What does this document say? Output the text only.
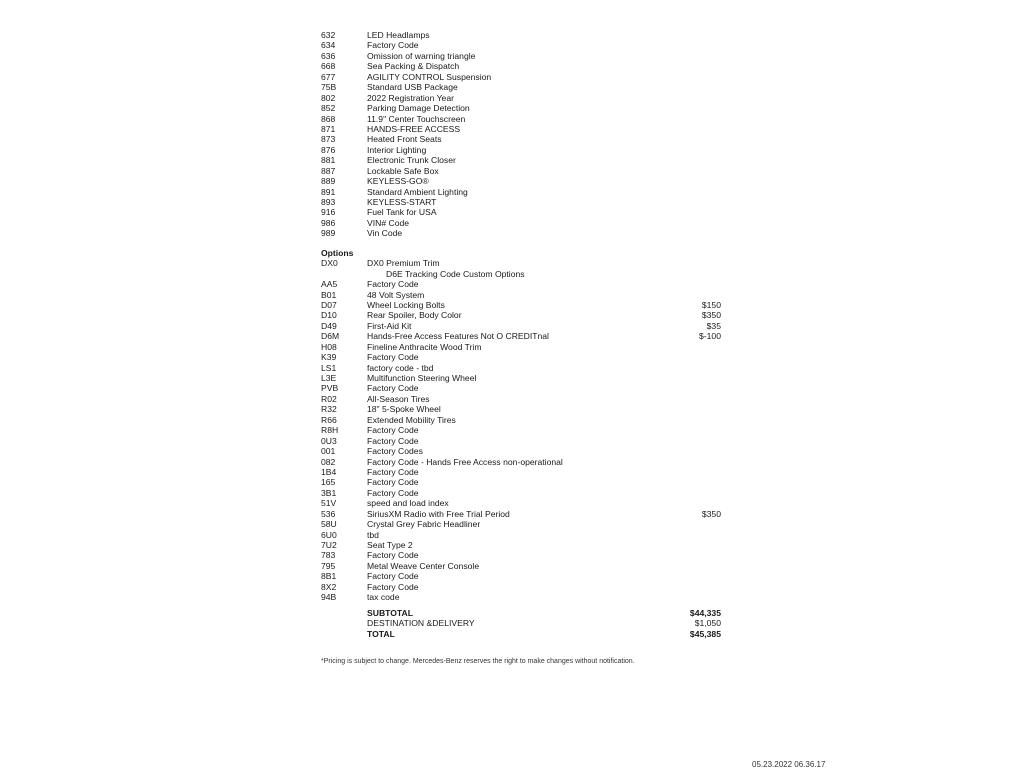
632	LED Headlamps
634	Factory Code
636	Omission of warning triangle
668	Sea Packing & Dispatch
677	AGILITY CONTROL Suspension
75B	Standard USB Package
802	2022 Registration Year
852	Parking Damage Detection
868	11.9" Center Touchscreen
871	HANDS-FREE ACCESS
873	Heated Front Seats
876	Interior Lighting
881	Electronic Trunk Closer
887	Lockable Safe Box
889	KEYLESS-GO®
891	Standard Ambient Lighting
893	KEYLESS-START
916	Fuel Tank for USA
986	VIN# Code
989	Vin Code
Options
DX0	DX0 Premium Trim
D6E Tracking Code Custom Options
AA5	Factory Code
B01	48 Volt System
D07	Wheel Locking Bolts	$150
D10	Rear Spoiler, Body Color	$350
D49	First-Aid Kit	$35
D6M	Hands-Free Access Features Not O CREDITnal	$-100
H08	Fineline Anthracite Wood Trim
K39	Factory Code
LS1	factory code - tbd
L3E	Multifunction Steering Wheel
PVB	Factory Code
R02	All-Season Tires
R32	18" 5-Spoke Wheel
R66	Extended Mobility Tires
R8H	Factory Code
0U3	Factory Code
001	Factory Codes
082	Factory Code - Hands Free Access non-operational
1B4	Factory Code
165	Factory Code
3B1	Factory Code
51V	speed and load index
536	SiriusXM Radio with Free Trial Period	$350
58U	Crystal Grey Fabric Headliner
6U0	tbd
7U2	Seat Type 2
783	Factory Code
795	Metal Weave Center Console
8B1	Factory Code
8X2	Factory Code
94B	tax code
SUBTOTAL	$44,335
DESTINATION &DELIVERY	$1,050
TOTAL	$45,385
*Pricing is subject to change. Mercedes-Benz reserves the right to make changes without notification.
05.23.2022 06.36.17
